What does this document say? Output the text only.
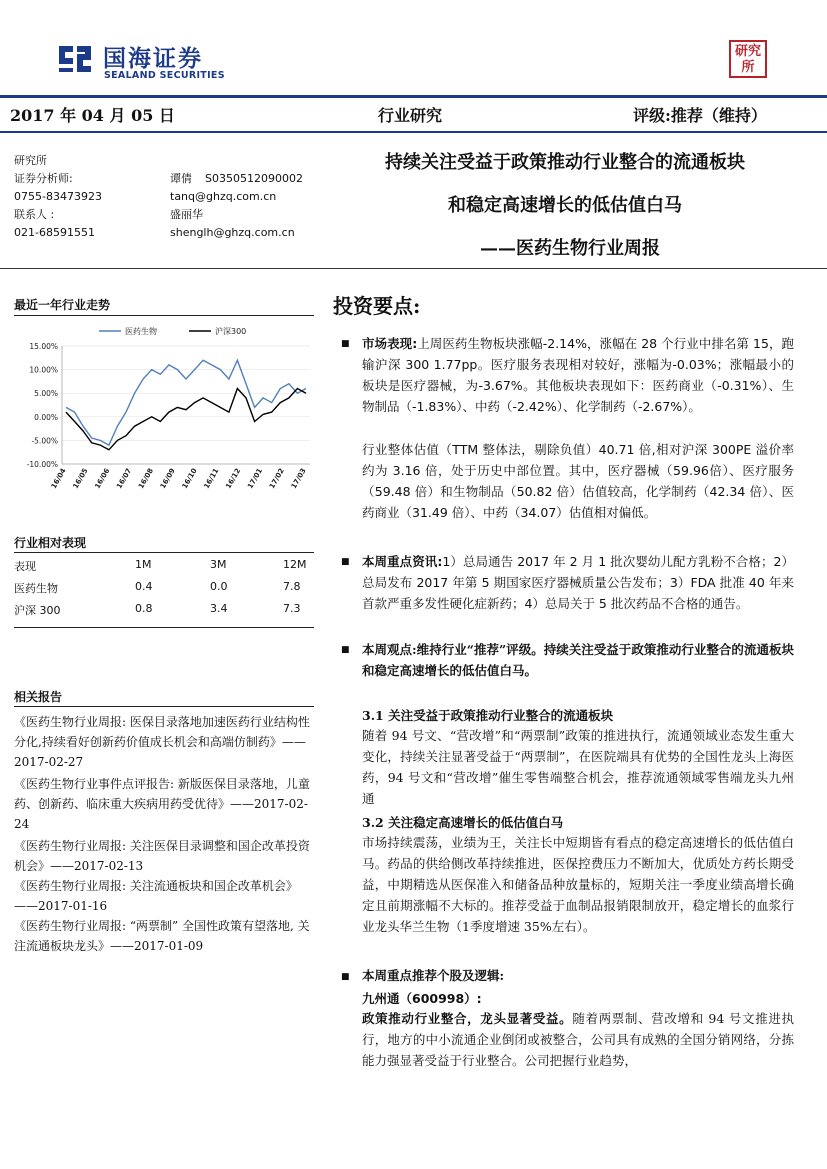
国海证券
SEALAND SECURITIES
研究所
2017 年 04 月 05 日	行业研究	评级:推荐（维持）
研究所
证券分析师:	谭倩 S0350512090002
0755-83473923	tanq@ghzq.com.cn
联系人 :	盛丽华
021-68591551	shenglh@ghzq.com.cn
持续关注受益于政策推动行业整合的流通板块
和稳定高速增长的低估值白马
——医药生物行业周报
最近一年行业走势
医药生物	沪深300
15.00%
10.00%
5.00%
0.00%
-5.00%
-10.00%
16/04 16/05 16/06 16/07 16/08 16/09 16/10 16/11 16/12 17/01 17/02 17/03
行业相对表现
表现	1M	3M	12M
医药生物	0.4	0.0	7.8
沪深 300	0.8	3.4	7.3
相关报告
《医药生物行业周报: 医保目录落地加速医药行业结构性分化,持续看好创新药价值成长机会和高端仿制药》——2017-02-27
《医药生物行业事件点评报告: 新版医保目录落地，儿童药、创新药、临床重大疾病用药受优待》——2017-02-24
《医药生物行业周报: 关注医保目录调整和国企改革投资机会》——2017-02-13
《医药生物行业周报: 关注流通板块和国企改革机会》——2017-01-16
《医药生物行业周报: “两票制” 全国性政策有望落地, 关注流通板块龙头》——2017-01-09
投资要点:
■ 市场表现:上周医药生物板块涨幅-2.14%，涨幅在 28 个行业中排名第 15，跑输沪深 300 1.77pp。医疗服务表现相对较好，涨幅为-0.03%；涨幅最小的板块是医疗器械，为-3.67%。其他板块表现如下：医药商业（-0.31%）、生物制品（-1.83%）、中药（-2.42%）、化学制药（-2.67%）。
行业整体估值（TTM 整体法，剔除负值）40.71 倍,相对沪深 300PE 溢价率约为 3.16 倍，处于历史中部位置。其中，医疗器械（59.96倍）、医疗服务（59.48 倍）和生物制品（50.82 倍）估值较高，化学制药（42.34 倍）、医药商业（31.49 倍）、中药（34.07）估值相对偏低。
■ 本周重点资讯:1）总局通告 2017 年 2 月 1 批次婴幼儿配方乳粉不合格；2）总局发布 2017 年第 5 期国家医疗器械质量公告发布；3）FDA 批准 40 年来首款严重多发性硬化症新药；4）总局关于 5 批次药品不合格的通告。
■ 本周观点:维持行业“推荐”评级。持续关注受益于政策推动行业整合的流通板块和稳定高速增长的低估值白马。
3.1 关注受益于政策推动行业整合的流通板块
随着 94 号文、“营改增”和“两票制”政策的推进执行，流通领域业态发生重大变化，持续关注显著受益于“两票制”，在医院端具有优势的全国性龙头上海医药，94 号文和“营改增”催生零售端整合机会，推荐流通领域零售端龙头九州通
3.2 关注稳定高速增长的低估值白马
市场持续震荡，业绩为王，关注长中短期皆有看点的稳定高速增长的低估值白马。药品的供给侧改革持续推进，医保控费压力不断加大，优质处方药长期受益，中期精选从医保准入和储备品种放量标的，短期关注一季度业绩高增长确定且前期涨幅不大标的。推荐受益于血制品报销限制放开，稳定增长的血浆行业龙头华兰生物（1季度增速 35%左右）。
■ 本周重点推荐个股及逻辑:
九州通（600998）:
政策推动行业整合，龙头显著受益。随着两票制、营改增和 94 号文推进执行，地方的中小流通企业倒闭或被整合，公司具有成熟的全国分销网络，分拣能力强显著受益于行业整合。公司把握行业趋势，
